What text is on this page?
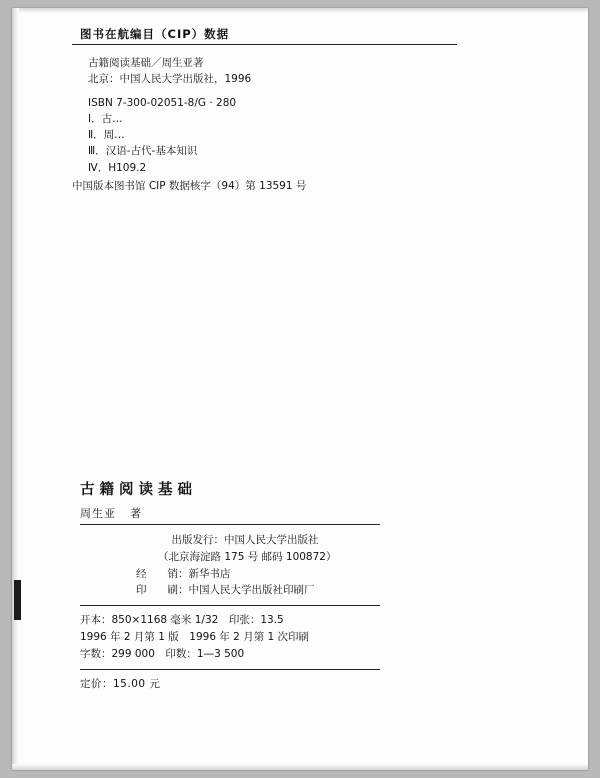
图书在航编目（CIP）数据
古籍阅读基础／周生亚著
北京：中国人民大学出版社，1996
ISBN 7-300-02051-8/G · 280
Ⅰ．古…
Ⅱ．周…
Ⅲ．汉语-古代-基本知识
Ⅳ．H109.2
中国版本图书馆 CIP 数据核字（94）第 13591 号
古籍阅读基础
周生亚 著
出版发行：中国人民大学出版社
（北京海淀路 175 号 邮码 100872）
经　　销：新华书店
印　　刷：中国人民大学出版社印刷厂
开本：850×1168 毫米 1/32　 印张：13.5
1996 年 2 月第 1 版　 1996 年 2 月第 1 次印刷
字数：299 000　 印数：1—3 500
定价：15.00 元
